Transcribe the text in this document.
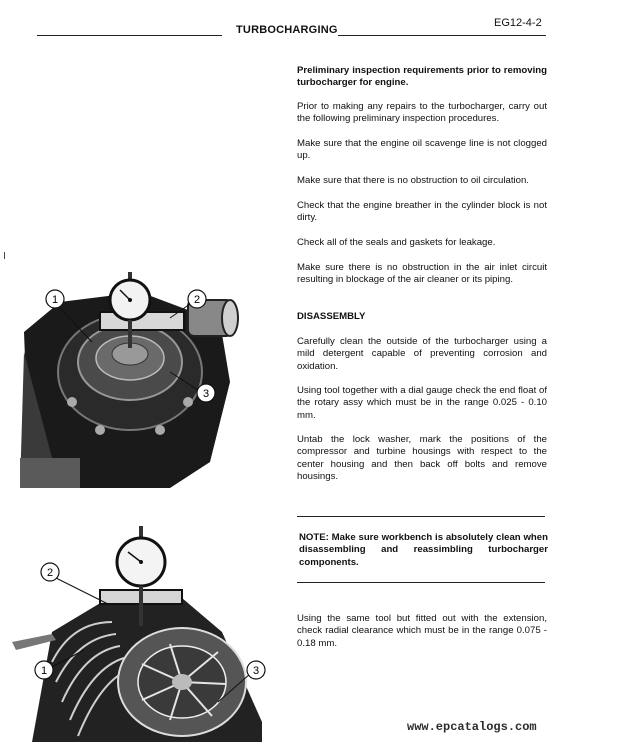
TURBOCHARGING
EG12-4-2

Preliminary inspection requirements prior to removing turbocharger for engine.

Prior to making any repairs to the turbocharger, carry out the following preliminary inspection procedures.

Make sure that the engine oil scavenge line is not clogged up.

Make sure that there is no obstruction to oil circulation.

Check that the engine breather in the cylinder block is not dirty.

Check all of the seals and gaskets for leakage.

Make sure there is no obstruction in the air inlet circuit resulting in blockage of the air cleaner or its piping.

DISASSEMBLY

Carefully clean the outside of the turbocharger using a mild detergent capable of preventing corrosion and oxidation.

Using tool together with a dial gauge check the end float of the rotary assy which must be in the range 0.025 - 0.10 mm.

Untab the lock washer, mark the positions of the compressor and turbine housings with respect to the center housing and then back off bolts and remove housings.

NOTE: Make sure workbench is absolutely clean when disassembling and reassimbling turbocharger components.

Using the same tool but fitted out with the extension, check radial clearance which must be in the range 0.075 - 0.18 mm.

1	2
3
2
1	3
www.epcatalogs.com
